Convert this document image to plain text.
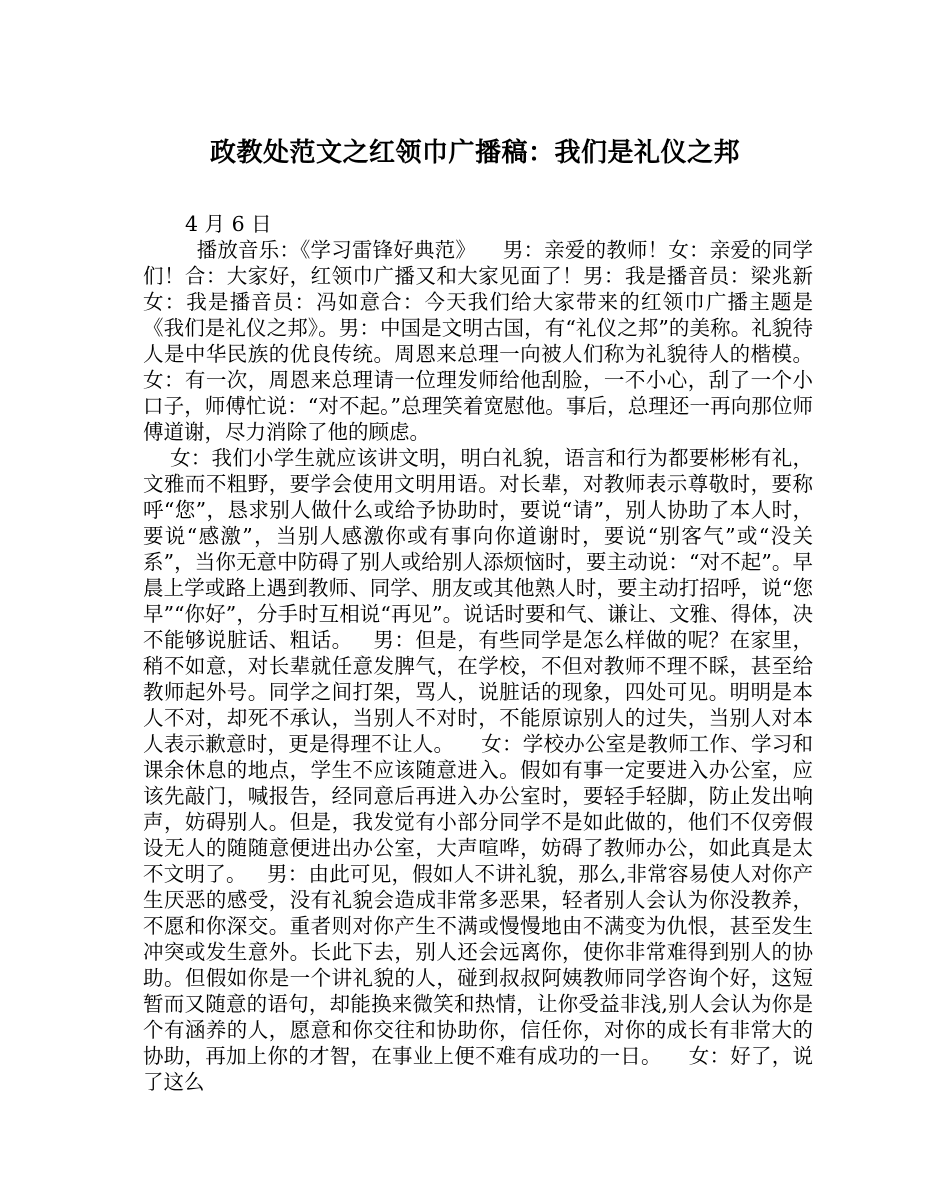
政教处范文之红领巾广播稿：我们是礼仪之邦

4 月 6 日

播放音乐：《学习雷锋好典范》    男：亲爱的教师！女：亲爱的同学们！合：大家好，红领巾广播又和大家见面了！男：我是播音员：梁兆新女：我是播音员：冯如意合：今天我们给大家带来的红领巾广播主题是《我们是礼仪之邦》。男：中国是文明古国，有“礼仪之邦”的美称。礼貌待人是中华民族的优良传统。周恩来总理一向被人们称为礼貌待人的楷模。女：有一次，周恩来总理请一位理发师给他刮脸，一不小心，刮了一个小口子，师傅忙说：“对不起。”总理笑着宽慰他。事后，总理还一再向那位师傅道谢，尽力消除了他的顾虑。

女：我们小学生就应该讲文明，明白礼貌，语言和行为都要彬彬有礼，文雅而不粗野，要学会使用文明用语。对长辈，对教师表示尊敬时，要称呼“您”，恳求别人做什么或给予协助时，要说“请”，别人协助了本人时，要说“感激”，当别人感激你或有事向你道谢时，要说“别客气”或“没关系”，当你无意中防碍了别人或给别人添烦恼时，要主动说：“对不起”。早晨上学或路上遇到教师、同学、朋友或其他熟人时，要主动打招呼，说“您早”“你好”，分手时互相说“再见”。说话时要和气、谦让、文雅、得体，决不能够说脏话、粗话。   男：但是，有些同学是怎么样做的呢？在家里，稍不如意，对长辈就任意发脾气，在学校，不但对教师不理不睬，甚至给教师起外号。同学之间打架，骂人，说脏话的现象，四处可见。明明是本人不对，却死不承认，当别人不对时，不能原谅别人的过失，当别人对本人表示歉意时，更是得理不让人。    女：学校办公室是教师工作、学习和课余休息的地点，学生不应该随意进入。假如有事一定要进入办公室，应该先敲门，喊报告，经同意后再进入办公室时，要轻手轻脚，防止发出响声，妨碍别人。但是，我发觉有小部分同学不是如此做的，他们不仅旁假设无人的随随意便进出办公室，大声喧哗，妨碍了教师办公，如此真是太不文明了。   男：由此可见，假如人不讲礼貌，那么,非常容易使人对你产生厌恶的感受，没有礼貌会造成非常多恶果，轻者别人会认为你没教养，不愿和你深交。重者则对你产生不满或慢慢地由不满变为仇恨，甚至发生冲突或发生意外。长此下去，别人还会远离你，使你非常难得到别人的协助。但假如你是一个讲礼貌的人，碰到叔叔阿姨教师同学咨询个好，这短暂而又随意的语句，却能换来微笑和热情，让你受益非浅,别人会认为你是个有涵养的人，愿意和你交往和协助你，信任你，对你的成长有非常大的协助，再加上你的才智，在事业上便不难有成功的一日。    女：好了，说了这么
